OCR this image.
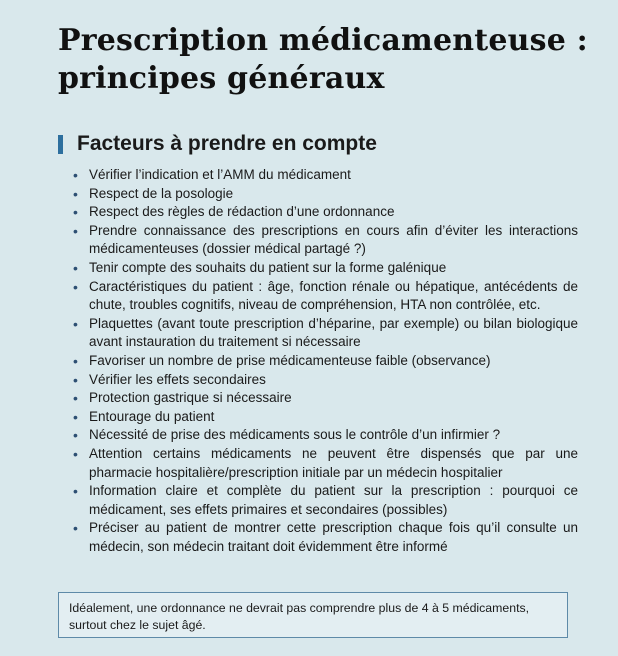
Prescription médicamenteuse : principes généraux
Facteurs à prendre en compte
• Vérifier l’indication et l’AMM du médicament
• Respect de la posologie
• Respect des règles de rédaction d’une ordonnance
• Prendre connaissance des prescriptions en cours afin d’éviter les interactions médicamenteuses (dossier médical partagé ?)
• Tenir compte des souhaits du patient sur la forme galénique
• Caractéristiques du patient : âge, fonction rénale ou hépatique, antécédents de chute, troubles cognitifs, niveau de compréhension, HTA non contrôlée, etc.
• Plaquettes (avant toute prescription d’héparine, par exemple) ou bilan biologique avant instauration du traitement si nécessaire
• Favoriser un nombre de prise médicamenteuse faible (observance)
• Vérifier les effets secondaires
• Protection gastrique si nécessaire
• Entourage du patient
• Nécessité de prise des médicaments sous le contrôle d’un infirmier ?
• Attention certains médicaments ne peuvent être dispensés que par une pharmacie hospitalière/prescription initiale par un médecin hospitalier
• Information claire et complète du patient sur la prescription : pourquoi ce médicament, ses effets primaires et secondaires (possibles)
• Préciser au patient de montrer cette prescription chaque fois qu’il consulte un médecin, son médecin traitant doit évidemment être informé
Idéalement, une ordonnance ne devrait pas comprendre plus de 4 à 5 médicaments, surtout chez le sujet âgé.
